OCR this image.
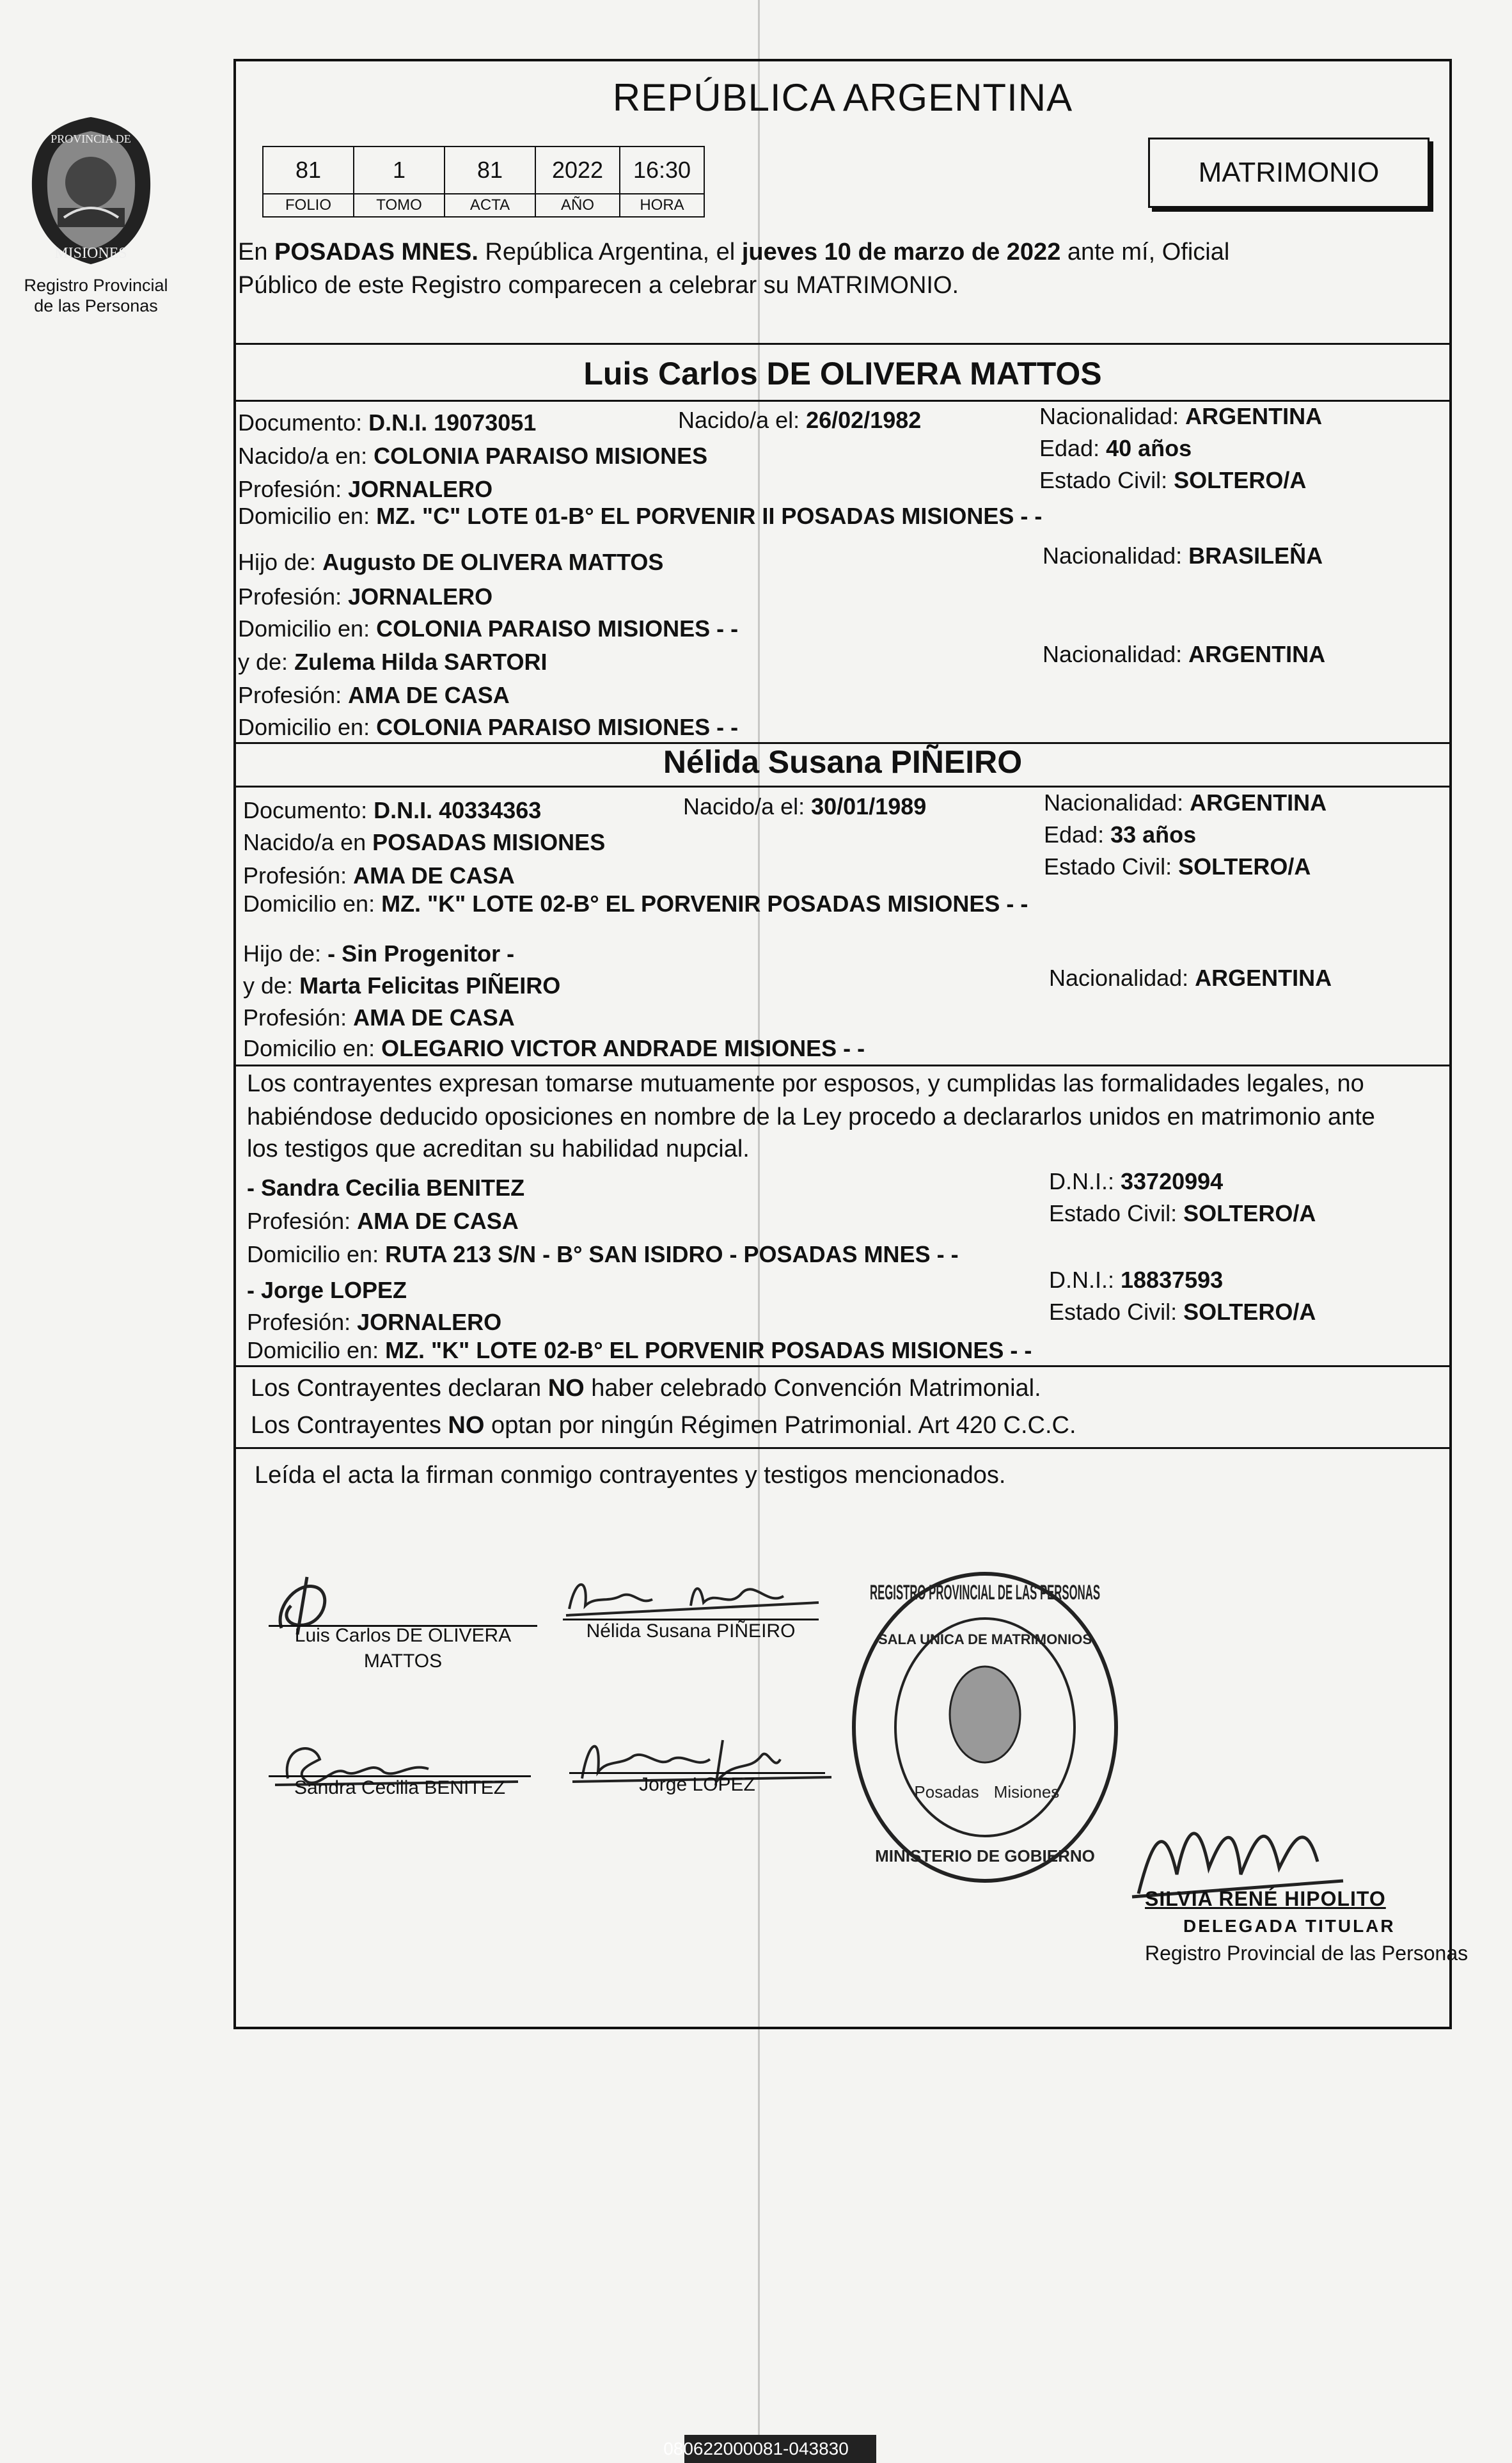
PROVINCIA DE
MISIONES
Registro Provincial
de las Personas
REPÚBLICA ARGENTINA
81	1	81	2022	16:30
FOLIO	TOMO	ACTA	AÑO	HORA
MATRIMONIO
En POSADAS MNES. República Argentina, el jueves 10 de marzo de 2022 ante mí, Oficial
Público de este Registro comparecen a celebrar su MATRIMONIO.
Luis Carlos DE OLIVERA MATTOS
Documento: D.N.I. 19073051	Nacido/a el: 26/02/1982	Nacionalidad: ARGENTINA
Nacido/a en: COLONIA PARAISO MISIONES	Edad: 40 años
Profesión: JORNALERO	Estado Civil: SOLTERO/A
Domicilio en: MZ. "C" LOTE 01-B° EL PORVENIR II POSADAS MISIONES - -
Hijo de: Augusto DE OLIVERA MATTOS	Nacionalidad: BRASILEÑA
Profesión: JORNALERO
Domicilio en: COLONIA PARAISO MISIONES - -
y de: Zulema Hilda SARTORI	Nacionalidad: ARGENTINA
Profesión: AMA DE CASA
Domicilio en: COLONIA PARAISO MISIONES - -
Nélida Susana PIÑEIRO
Documento: D.N.I. 40334363	Nacido/a el: 30/01/1989	Nacionalidad: ARGENTINA
Nacido/a en POSADAS MISIONES	Edad: 33 años
Profesión: AMA DE CASA	Estado Civil: SOLTERO/A
Domicilio en: MZ. "K" LOTE 02-B° EL PORVENIR POSADAS MISIONES - -
Hijo de: - Sin Progenitor -
y de: Marta Felicitas PIÑEIRO	Nacionalidad: ARGENTINA
Profesión: AMA DE CASA
Domicilio en: OLEGARIO VICTOR ANDRADE MISIONES - -
Los contrayentes expresan tomarse mutuamente por esposos, y cumplidas las formalidades legales, no
habiéndose deducido oposiciones en nombre de la Ley procedo a declararlos unidos en matrimonio ante
los testigos que acreditan su habilidad nupcial.
- Sandra Cecilia BENITEZ	D.N.I.: 33720994
Profesión: AMA DE CASA	Estado Civil: SOLTERO/A
Domicilio en: RUTA 213 S/N - B° SAN ISIDRO - POSADAS MNES - -
- Jorge LOPEZ	D.N.I.: 18837593
Profesión: JORNALERO	Estado Civil: SOLTERO/A
Domicilio en: MZ. "K" LOTE 02-B° EL PORVENIR POSADAS MISIONES - -
Los Contrayentes declaran NO haber celebrado Convención Matrimonial.
Los Contrayentes NO optan por ningún Régimen Patrimonial. Art 420 C.C.C.
Leída el acta la firman conmigo contrayentes y testigos mencionados.
Luis Carlos DE OLIVERA
MATTOS
Nélida Susana PIÑEIRO
Sandra Cecilia BENITEZ	Jorge LOPEZ
REGISTRO PROVINCIAL DE LAS PERSONAS
SALA UNICA DE MATRIMONIOS
MINISTERIO DE GOBIERNO
Posadas Misiones
SILVIA RENÉ HIPOLITO
DELEGADA TITULAR
Registro Provincial de las Personas
080622000081-043830
